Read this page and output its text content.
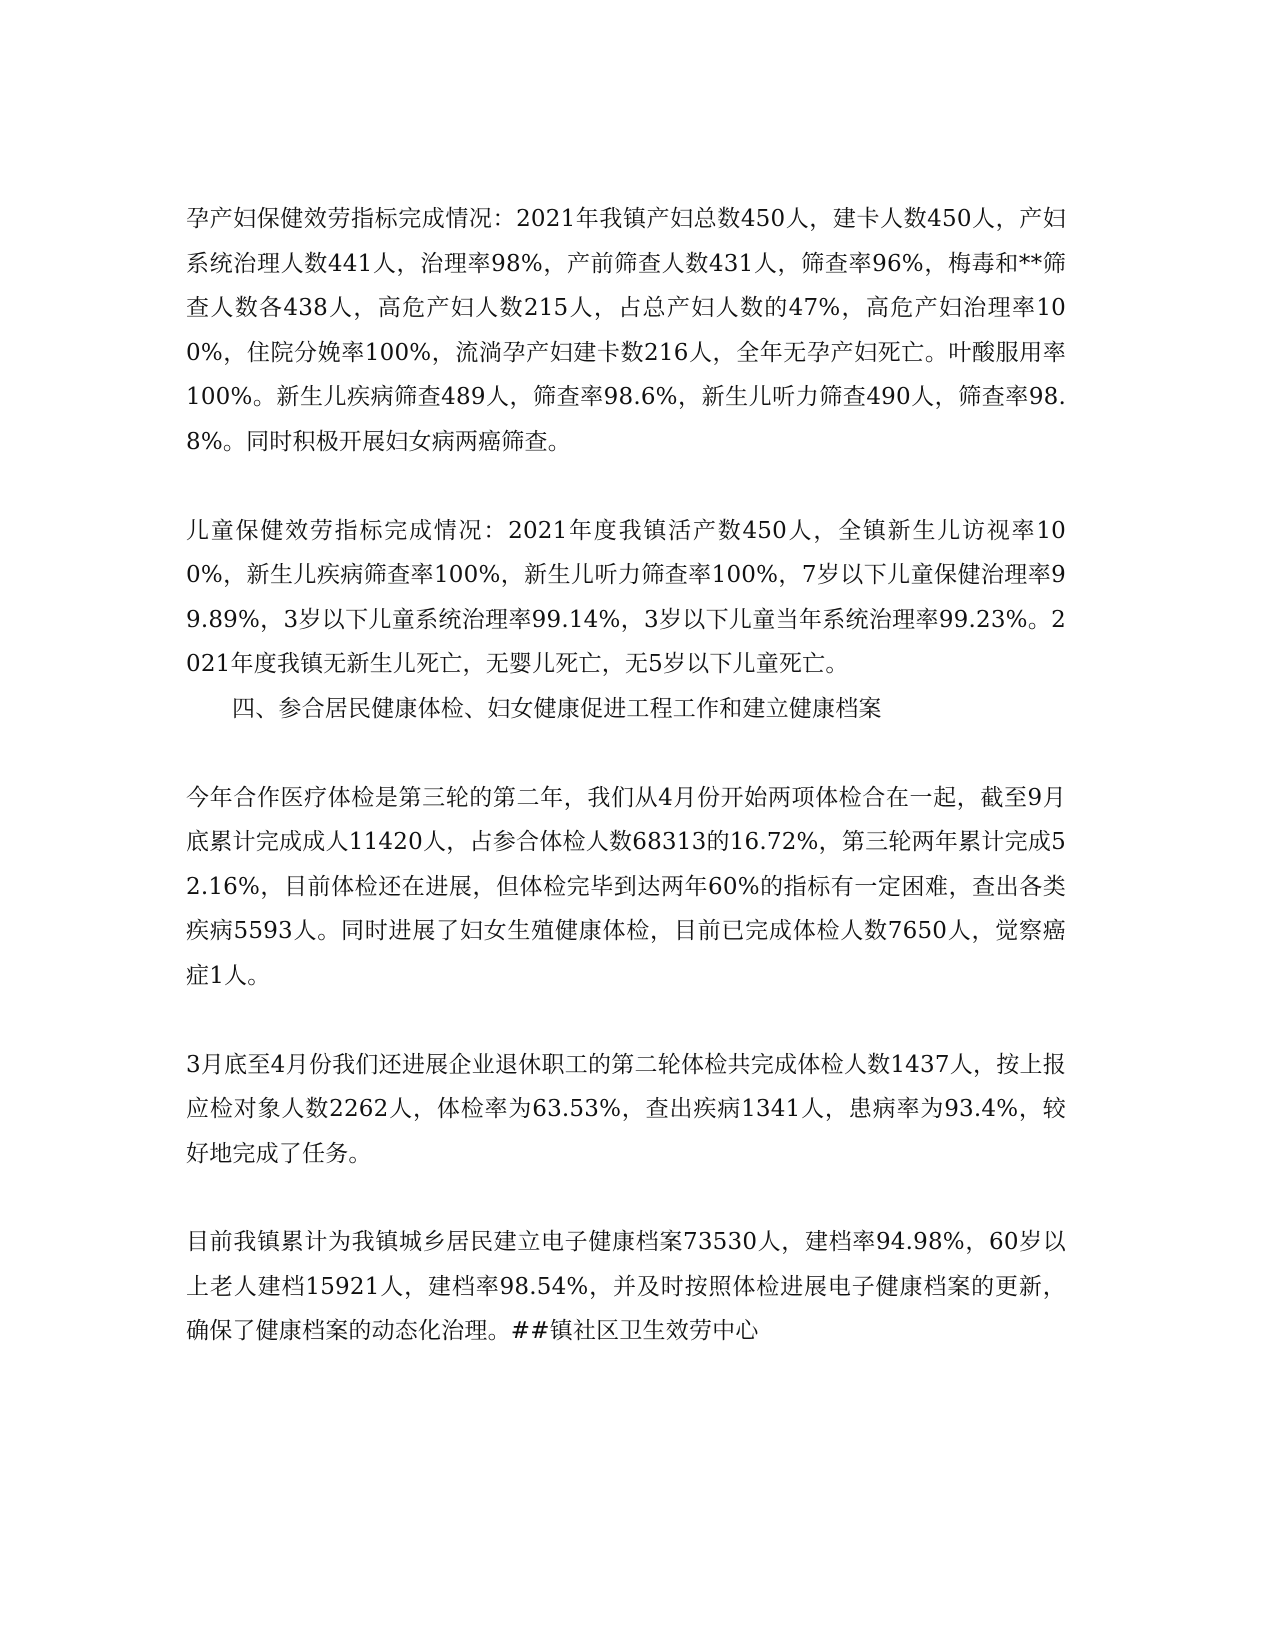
孕产妇保健效劳指标完成情况：2021年我镇产妇总数450人，建卡人数450人，产妇系统治理人数441人，治理率98%，产前筛查人数431人，筛查率96%，梅毒和**筛查人数各438人，高危产妇人数215人，占总产妇人数的47%，高危产妇治理率100%，住院分娩率100%，流淌孕产妇建卡数216人，全年无孕产妇死亡。叶酸服用率100%。新生儿疾病筛查489人，筛查率98.6%，新生儿听力筛查490人，筛查率98.8%。同时积极开展妇女病两癌筛查。

儿童保健效劳指标完成情况：2021年度我镇活产数450人，全镇新生儿访视率100%，新生儿疾病筛查率100%，新生儿听力筛查率100%，7岁以下儿童保健治理率99.89%，3岁以下儿童系统治理率99.14%，3岁以下儿童当年系统治理率99.23%。2021年度我镇无新生儿死亡，无婴儿死亡，无5岁以下儿童死亡。

四、参合居民健康体检、妇女健康促进工程工作和建立健康档案

今年合作医疗体检是第三轮的第二年，我们从4月份开始两项体检合在一起，截至9月底累计完成成人11420人，占参合体检人数68313的16.72%，第三轮两年累计完成52.16%，目前体检还在进展，但体检完毕到达两年60%的指标有一定困难，查出各类疾病5593人。同时进展了妇女生殖健康体检，目前已完成体检人数7650人，觉察癌症1人。

3月底至4月份我们还进展企业退休职工的第二轮体检共完成体检人数1437人，按上报应检对象人数2262人，体检率为63.53%，查出疾病1341人，患病率为93.4%，较好地完成了任务。

目前我镇累计为我镇城乡居民建立电子健康档案73530人，建档率94.98%，60岁以上老人建档15921人，建档率98.54%，并及时按照体检进展电子健康档案的更新，确保了健康档案的动态化治理。##镇社区卫生效劳中心
